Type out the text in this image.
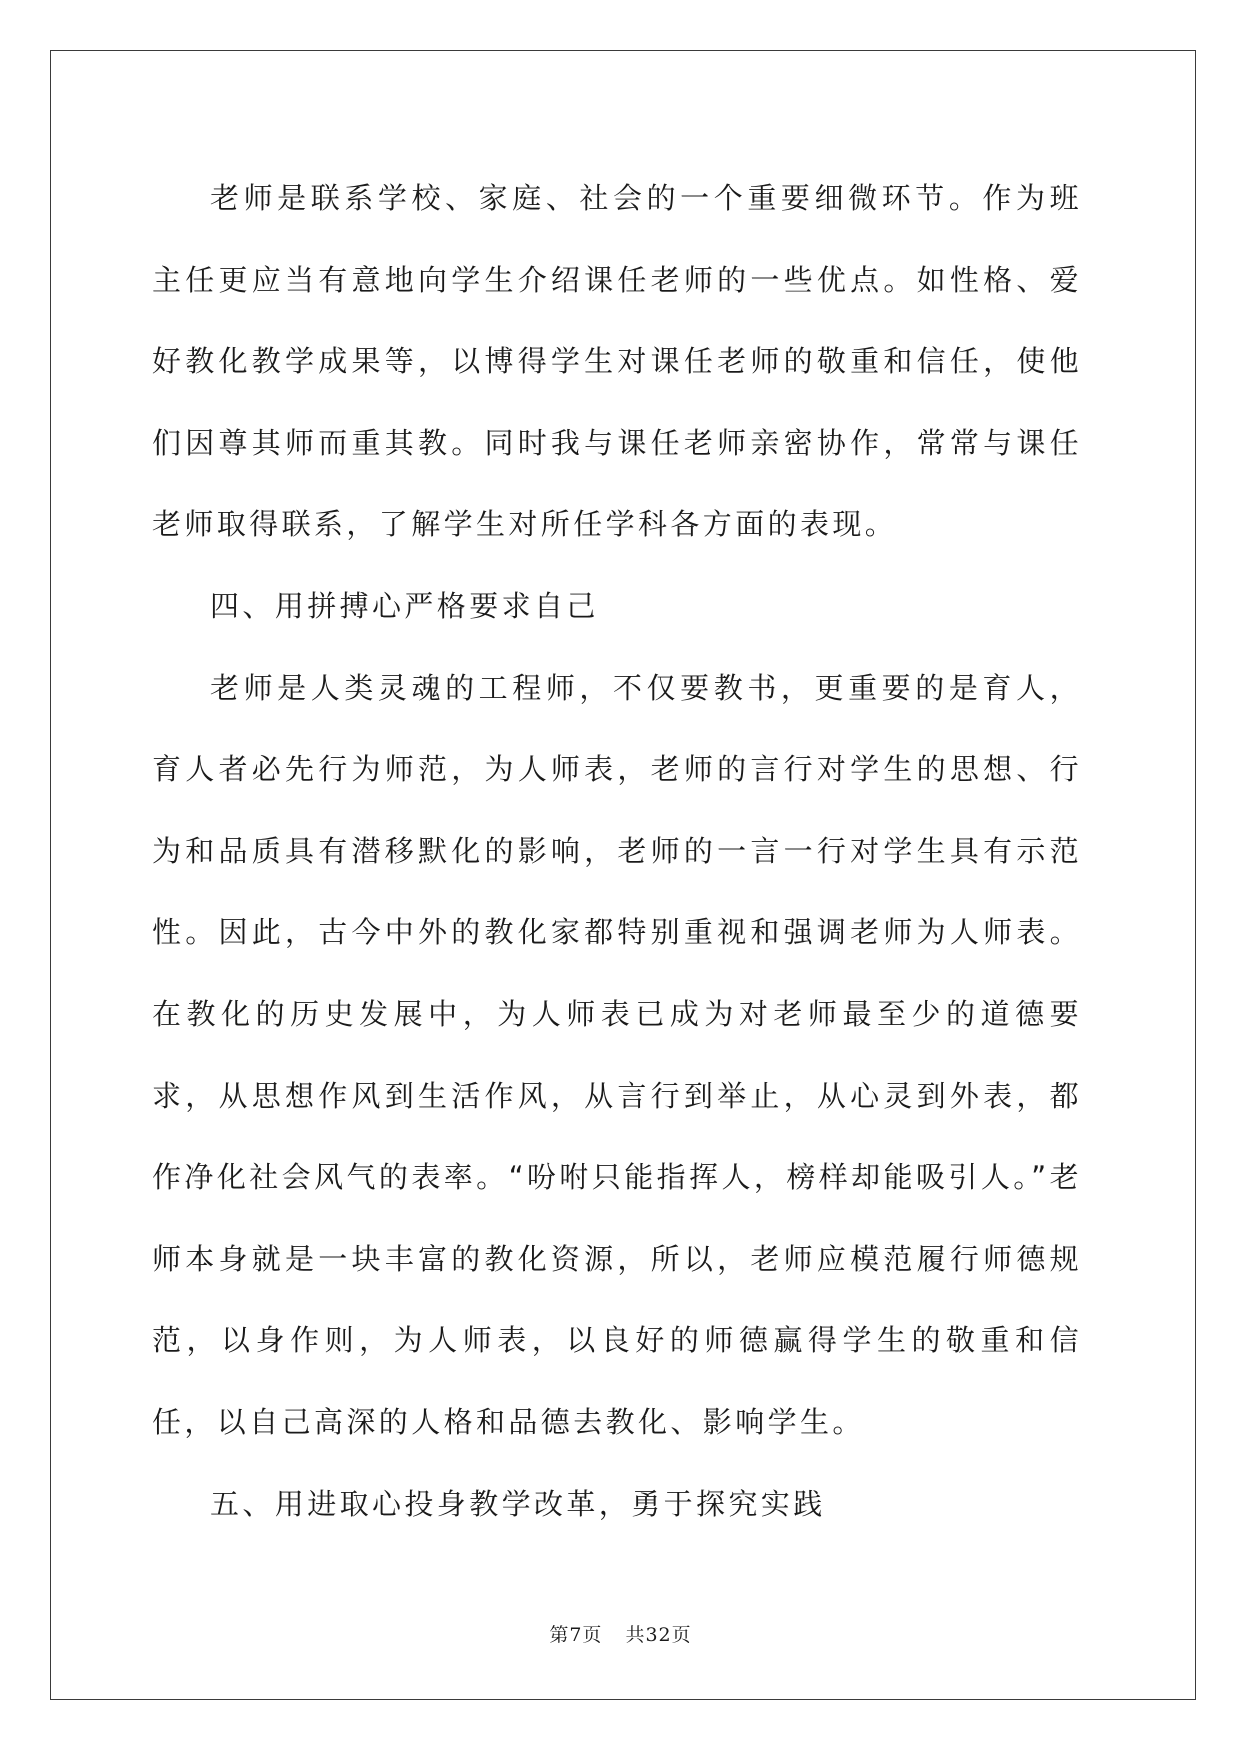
老师是联系学校、家庭、社会的一个重要细微环节。作为班主任更应当有意地向学生介绍课任老师的一些优点。如性格、爱好教化教学成果等，以博得学生对课任老师的敬重和信任，使他们因尊其师而重其教。同时我与课任老师亲密协作，常常与课任老师取得联系，了解学生对所任学科各方面的表现。

四、用拼搏心严格要求自己

老师是人类灵魂的工程师，不仅要教书，更重要的是育人，育人者必先行为师范，为人师表，老师的言行对学生的思想、行为和品质具有潜移默化的影响，老师的一言一行对学生具有示范性。因此，古今中外的教化家都特别重视和强调老师为人师表。在教化的历史发展中，为人师表已成为对老师最至少的道德要求，从思想作风到生活作风，从言行到举止，从心灵到外表，都作净化社会风气的表率。“吩咐只能指挥人，榜样却能吸引人。”老师本身就是一块丰富的教化资源，所以，老师应模范履行师德规范，以身作则，为人师表，以良好的师德赢得学生的敬重和信任，以自己高深的人格和品德去教化、影响学生。

五、用进取心投身教学改革，勇于探究实践

第7页 共32页
